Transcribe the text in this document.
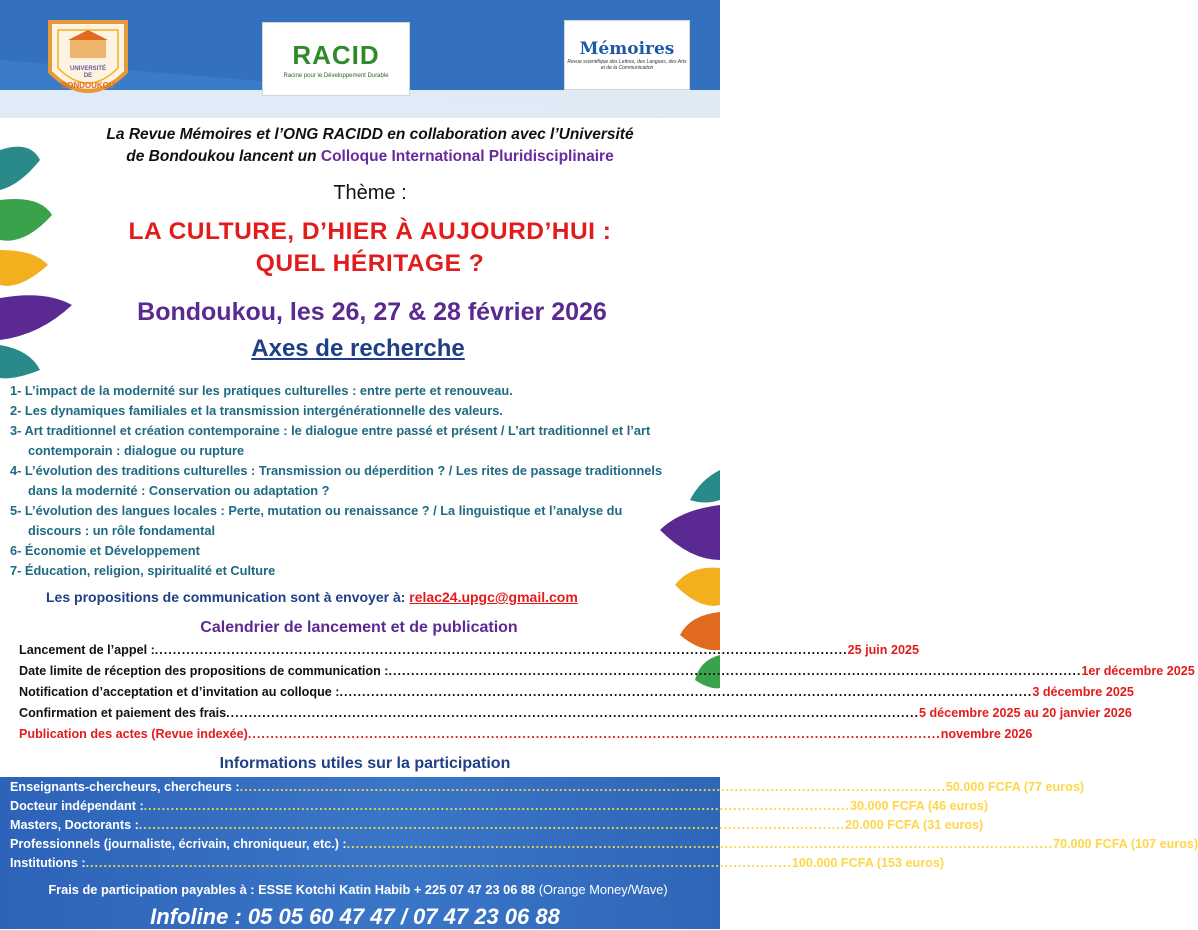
UNIVERSITÉ
DE
BONDOUKOU
RACID
Racine pour le Développement Durable
Mémoires
Revue scientifique des Lettres, des Langues, des Arts et de la Communication
La Revue Mémoires et l’ONG RACIDD en collaboration avec l’Université
de Bondoukou lancent un Colloque International Pluridisciplinaire
Thème :
LA CULTURE, D’HIER À AUJOURD’HUI :
QUEL HÉRITAGE ?
Bondoukou, les 26, 27 & 28 février 2026
Axes de recherche
1- L’impact de la modernité sur les pratiques culturelles : entre perte et renouveau.
2- Les dynamiques familiales et la transmission intergénérationnelle des valeurs.
3- Art traditionnel et création contemporaine : le dialogue entre passé et présent / L’art traditionnel et l’art
contemporain : dialogue ou rupture
4- L’évolution des traditions culturelles : Transmission ou déperdition ? / Les rites de passage traditionnels
dans la modernité : Conservation ou adaptation ?
5- L’évolution des langues locales : Perte, mutation ou renaissance ? / La linguistique et l’analyse du
discours : un rôle fondamental
6- Économie et Développement
7- Éducation, religion, spiritualité et Culture
Les propositions de communication sont à envoyer à: relac24.upgc@gmail.com
Calendrier de lancement et de publication
Lancement de l’appel : .......................................................................................................................................................... 25 juin 2025
Date limite de réception des propositions de communication : .......................................................................................................................................................... 1er décembre 2025
Notification d’acceptation et d’invitation au colloque : .......................................................................................................................................................... 3 décembre 2025
Confirmation et paiement des frais .......................................................................................................................................................... 5 décembre 2025 au 20 janvier 2026
Publication des actes (Revue indexée) .......................................................................................................................................................... novembre 2026
Informations utiles sur la participation
Enseignants-chercheurs, chercheurs : ............................................................................................................................................................. 50.000 FCFA (77 euros)
Docteur indépendant : ............................................................................................................................................................. 30.000 FCFA (46 euros)
Masters, Doctorants : ............................................................................................................................................................. 20.000 FCFA (31 euros)
Professionnels (journaliste, écrivain, chroniqueur, etc.) : ............................................................................................................................................................. 70.000 FCFA (107 euros)
Institutions : ............................................................................................................................................................. 100.000 FCFA (153 euros)
Frais de participation payables à : ESSE Kotchi Katin Habib + 225 07 47 23 06 88 (Orange Money/Wave)
Infoline : 05 05 60 47 47 / 07 47 23 06 88
